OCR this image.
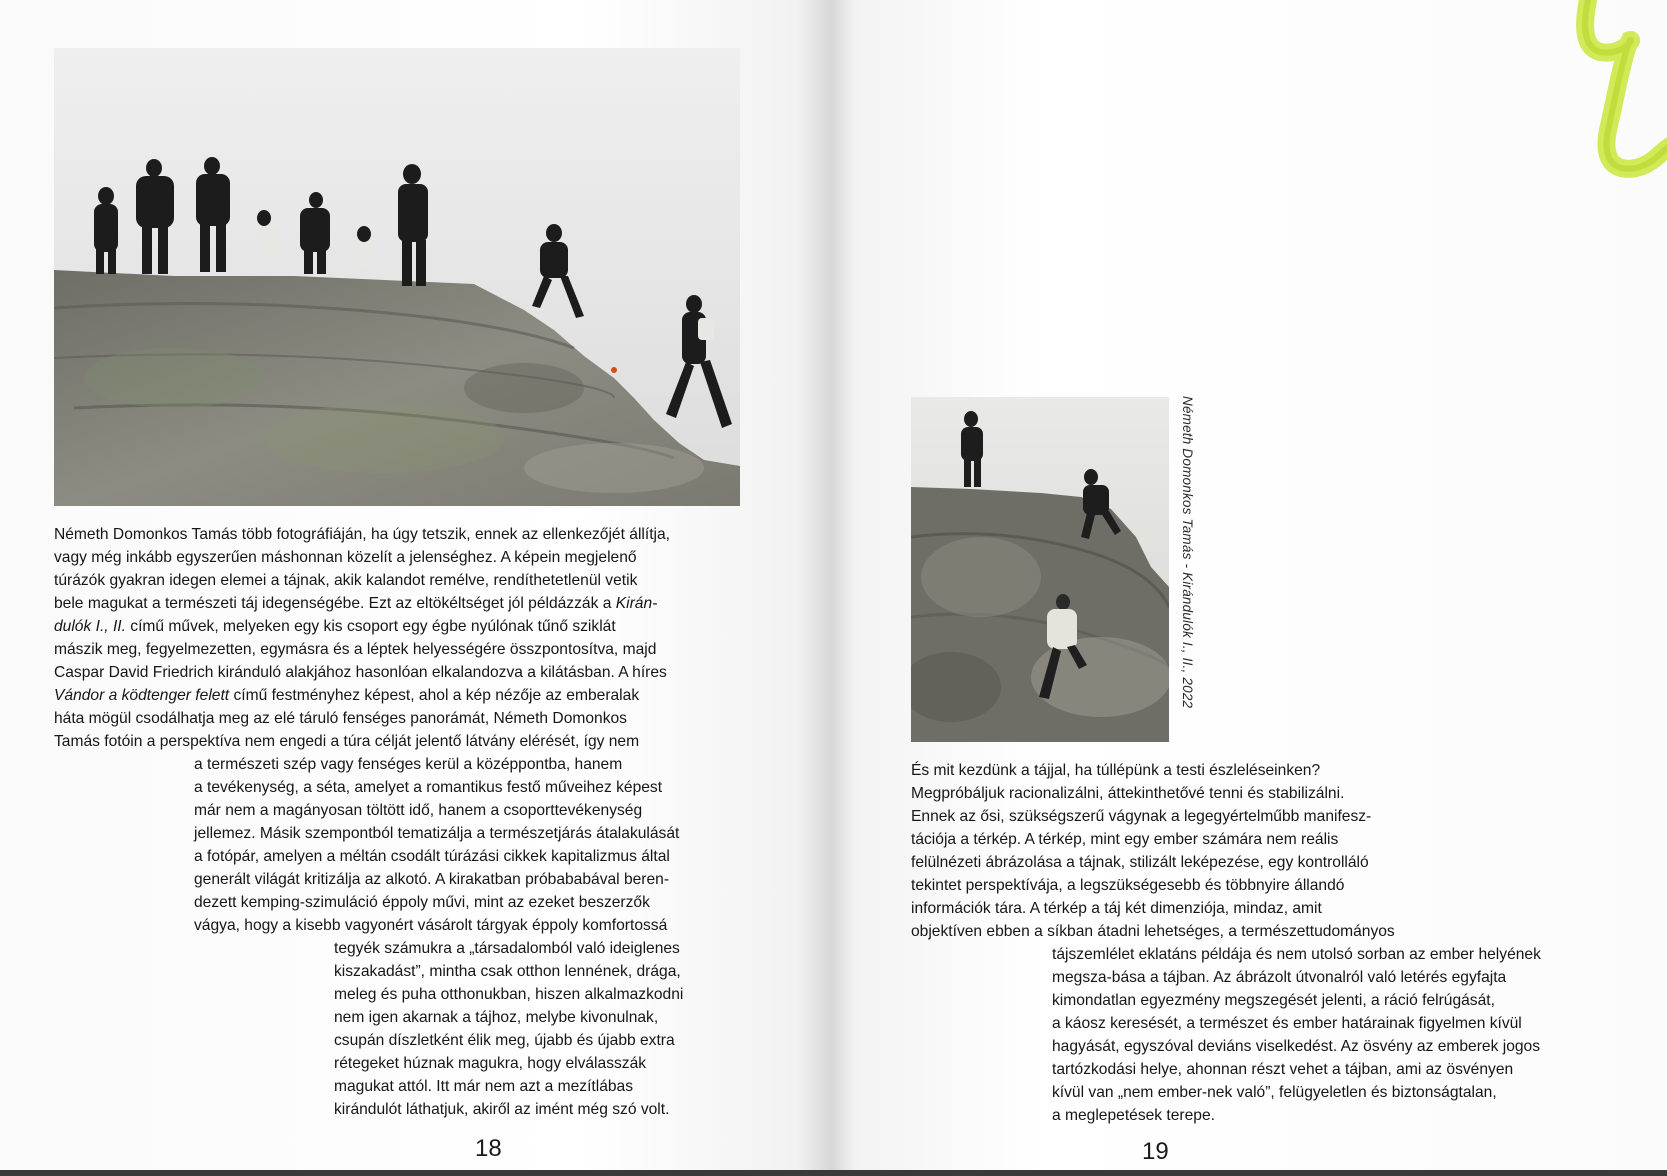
Németh Domonkos Tamás több fotográfiáján, ha úgy tetszik, ennek az ellenkezőjét állítja,
vagy még inkább egyszerűen máshonnan közelít a jelenséghez. A képein megjelenő
túrázók gyakran idegen elemei a tájnak, akik kalandot remélve, rendíthetetlenül vetik
bele magukat a természeti táj idegenségébe. Ezt az eltökéltséget jól példázzák a Kirán-
dulók I., II. című művek, melyeken egy kis csoport egy égbe nyúlónak tűnő sziklát
mászik meg, fegyelmezetten, egymásra és a léptek helyességére összpontosítva, majd
Caspar David Friedrich kiránduló alakjához hasonlóan elkalandozva a kilátásban. A híres
Vándor a ködtenger felett című festményhez képest, ahol a kép nézője az emberalak
háta mögül csodálhatja meg az elé táruló fenséges panorámát, Németh Domonkos
Tamás fotóin a perspektíva nem engedi a túra célját jelentő látvány elérését, így nem
a természeti szép vagy fenséges kerül a középpontba, hanem
a tevékenység, a séta, amelyet a romantikus festő műveihez képest
már nem a magányosan töltött idő, hanem a csoporttevékenység
jellemez. Másik szempontból tematizálja a természetjárás átalakulását
a fotópár, amelyen a méltán csodált túrázási cikkek kapitalizmus által
generált világát kritizálja az alkotó. A kirakatban próbababával beren-
dezett kemping-szimuláció éppoly művi, mint az ezeket beszerzők
vágya, hogy a kisebb vagyonért vásárolt tárgyak éppoly komfortossá
tegyék számukra a „társadalomból való ideiglenes
kiszakadást”, mintha csak otthon lennének, drága,
meleg és puha otthonukban, hiszen alkalmazkodni
nem igen akarnak a tájhoz, melybe kivonulnak,
csupán díszletként élik meg, újabb és újabb extra
rétegeket húznak magukra, hogy elválasszák
magukat attól. Itt már nem azt a mezítlábas
kirándulót láthatjuk, akiről az imént még szó volt.
18
Németh Domonkos Tamás - Kirándulók I., II., 2022
És mit kezdünk a tájjal, ha túllépünk a testi észleléseinken?
Megpróbáljuk racionalizálni, áttekinthetővé tenni és stabilizálni.
Ennek az ősi, szükségszerű vágynak a legegyértelműbb manifesz-
tációja a térkép. A térkép, mint egy ember számára nem reális
felülnézeti ábrázolása a tájnak, stilizált leképezése, egy kontrolláló
tekintet perspektívája, a legszükségesebb és többnyire állandó
információk tára. A térkép a táj két dimenziója, mindaz, amit
objektíven ebben a síkban átadni lehetséges, a természettudományos
tájszemlélet eklatáns példája és nem utolsó sorban az ember helyének
megsza-bása a tájban. Az ábrázolt útvonalról való letérés egyfajta
kimondatlan egyezmény megszegését jelenti, a ráció felrúgását,
a káosz keresését, a természet és ember határainak figyelmen kívül
hagyását, egyszóval deviáns viselkedést. Az ösvény az emberek jogos
tartózkodási helye, ahonnan részt vehet a tájban, ami az ösvényen
kívül van „nem ember-nek való”, felügyeletlen és biztonságtalan,
a meglepetések terepe.
19
